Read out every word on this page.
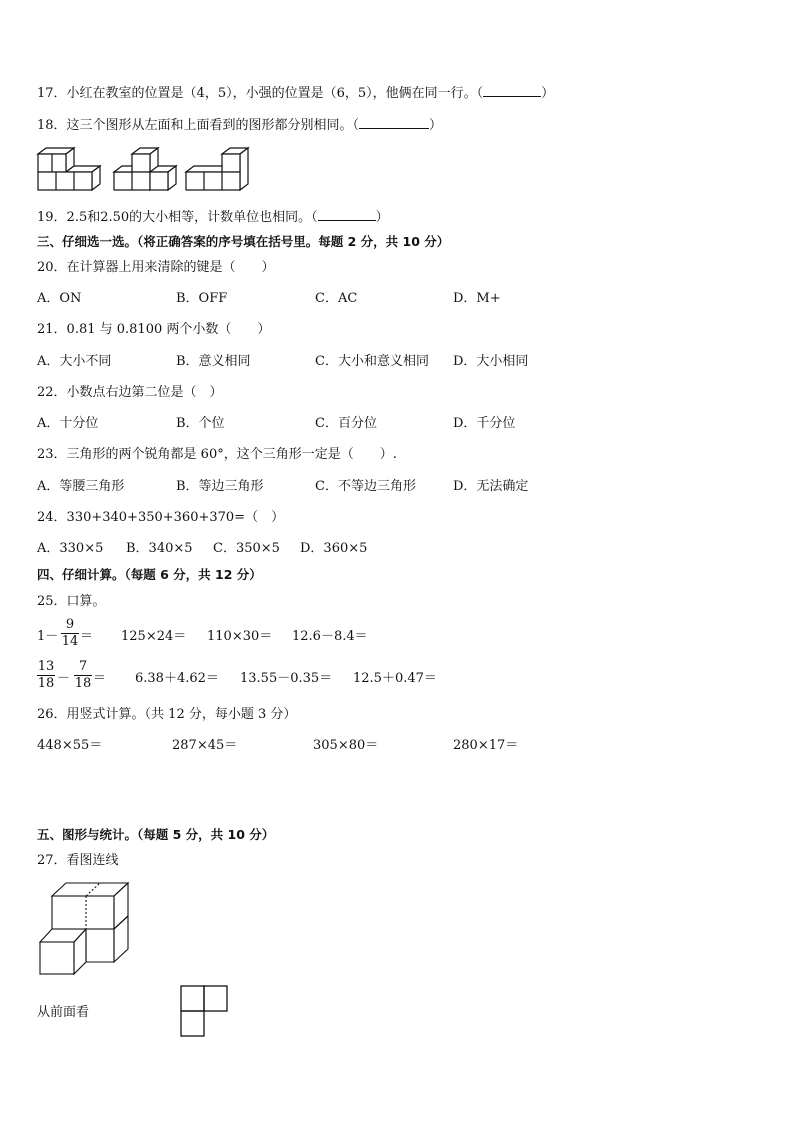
17．小红在教室的位置是（4，5），小强的位置是（6，5），他俩在同一行。（	）
18．这三个图形从左面和上面看到的图形都分别相同。（	）
19．2.5和2.50的大小相等，计数单位也相同。（	）
三、仔细选一选。（将正确答案的序号填在括号里。每题 2 分，共 10 分）
20．在计算器上用来清除的键是（　　）
A．ON	B．OFF	C．AC	D．M+
21．0.81 与 0.8100 两个小数（　　）
A．大小不同	B．意义相同	C．大小和意义相同 D．大小相同
22．小数点右边第二位是（　）
A．十分位	B．个位	C．百分位	D．千分位
23．三角形的两个锐角都是 60°，这个三角形一定是（　　）.
A．等腰三角形	B．等边三角形	C．不等边三角形	D．无法确定
24．330+340+350+360+370=（　）
A．330×5 B．340×5 C．350×5 D．360×5
四、仔细计算。（每题 6 分，共 12 分）
25．口算。
1－
9
14 ＝ 125×24＝ 110×30＝ 12.6－8.4＝
13
18 －
7
18 ＝ 6.38＋4.62＝ 13.55－0.35＝ 12.5＋0.47＝
26．用竖式计算。（共 12 分，每小题 3 分）
448×55＝	287×45＝	305×80＝	280×17＝
五、图形与统计。（每题 5 分，共 10 分）
27．看图连线
从前面看
